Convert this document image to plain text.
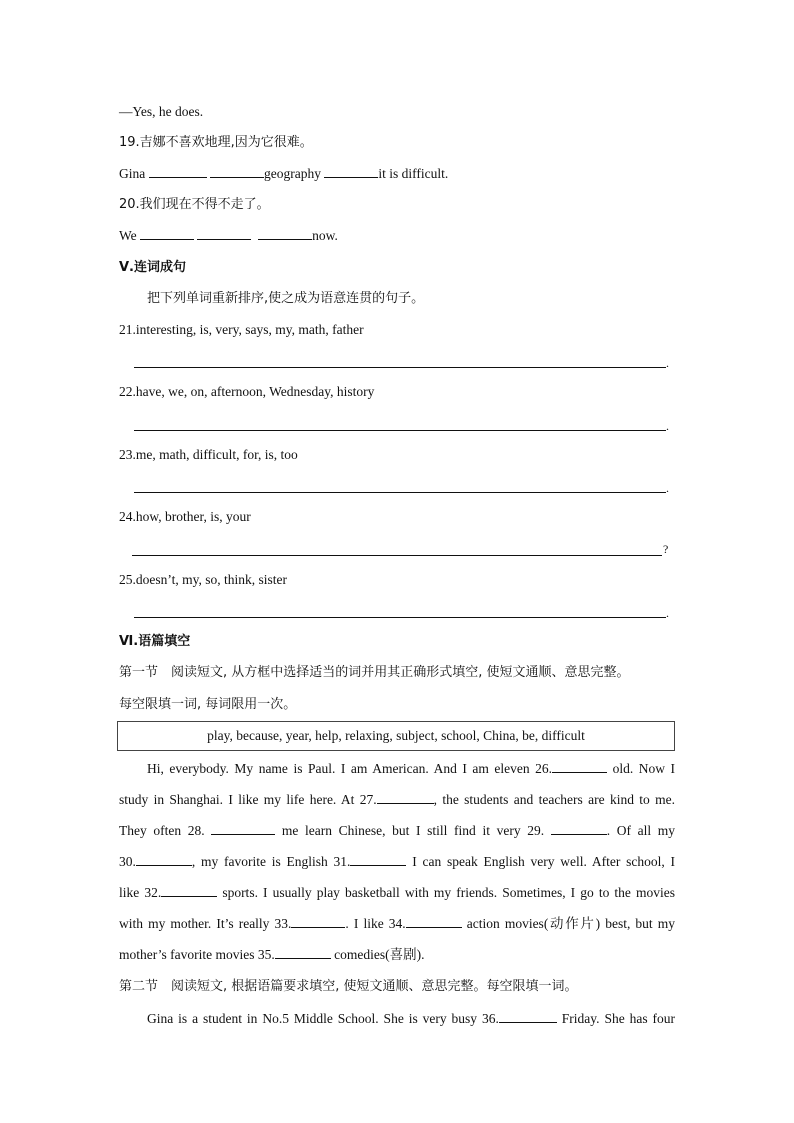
—Yes, he does.
19.吉娜不喜欢地理,因为它很难。
Gina	geography	it is difficult.
20.我们现在不得不走了。
We	now.
Ⅴ.连词成句
把下列单词重新排序,使之成为语意连贯的句子。
21.interesting, is, very, says, my, math, father
.
22.have, we, on, afternoon, Wednesday, history
.
23.me, math, difficult, for, is, too
.
24.how, brother, is, your
?
25.doesn’t, my, so, think, sister
.
Ⅵ.语篇填空
第一节　阅读短文, 从方框中选择适当的词并用其正确形式填空, 使短文通顺、意思完整。
每空限填一词, 每词限用一次。
play, because, year, help, relaxing, subject, school, China, be, difficult
Hi, everybody. My name is Paul. I am American. And I am eleven 26.	old. Now I
study in Shanghai. I like my life here. At 27.	, the students and teachers are kind to me.
They often 28.	me learn Chinese, but I still find it very 29.	. Of all my
30.	, my favorite is English 31.	I can speak English very well. After school, I
like 32.	sports. I usually play basketball with my friends. Sometimes, I go to the movies
with my mother. It’s really 33.	. I like 34.	action movies(动作片) best, but my
mother’s favorite movies 35.	comedies(喜剧).
第二节　阅读短文, 根据语篇要求填空, 使短文通顺、意思完整。每空限填一词。
Gina is a student in No.5 Middle School. She is very busy 36.	Friday. She has four
